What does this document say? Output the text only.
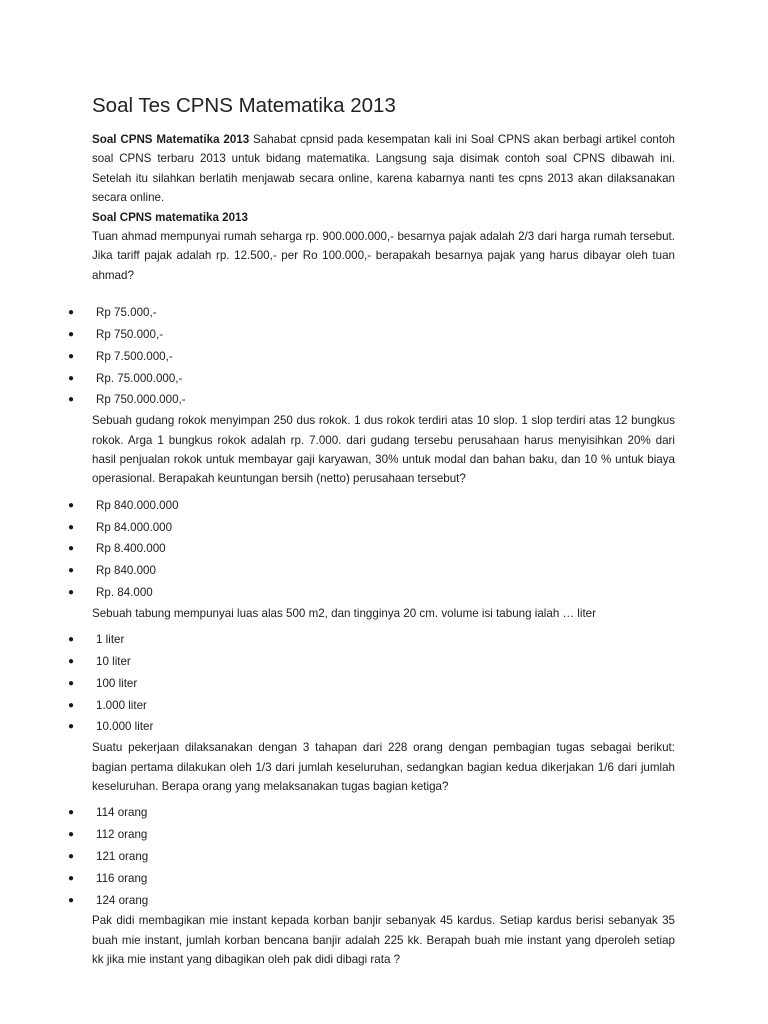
Soal Tes CPNS Matematika 2013

Soal CPNS Matematika 2013 Sahabat cpnsid pada kesempatan kali ini Soal CPNS akan berbagi artikel contoh soal CPNS terbaru 2013 untuk bidang matematika. Langsung saja disimak contoh soal CPNS dibawah ini. Setelah itu silahkan berlatih menjawab secara online, karena kabarnya nanti tes cpns 2013 akan dilaksanakan secara online.

Soal CPNS matematika 2013

Tuan ahmad mempunyai rumah seharga rp. 900.000.000,- besarnya pajak adalah 2/3 dari harga rumah tersebut. Jika tariff pajak adalah rp. 12.500,- per Ro 100.000,- berapakah besarnya pajak yang harus dibayar oleh tuan ahmad?

● Rp 75.000,-
● Rp 750.000,-
● Rp 7.500.000,-
● Rp. 75.000.000,-
● Rp 750.000.000,-

Sebuah gudang rokok menyimpan 250 dus rokok. 1 dus rokok terdiri atas 10 slop. 1 slop terdiri atas 12 bungkus rokok. Arga 1 bungkus rokok adalah rp. 7.000. dari gudang tersebu perusahaan harus menyisihkan 20% dari hasil penjualan rokok untuk membayar gaji karyawan, 30% untuk modal dan bahan baku, dan 10 % untuk biaya operasional. Berapakah keuntungan bersih (netto) perusahaan tersebut?

● Rp 840.000.000
● Rp 84.000.000
● Rp 8.400.000
● Rp 840.000
● Rp. 84.000

Sebuah tabung mempunyai luas alas 500 m2, dan tingginya 20 cm. volume isi tabung ialah … liter

● 1 liter
● 10 liter
● 100 liter
● 1.000 liter
● 10.000 liter

Suatu pekerjaan dilaksanakan dengan 3 tahapan dari 228 orang dengan pembagian tugas sebagai berikut: bagian pertama dilakukan oleh 1/3 dari jumlah keseluruhan, sedangkan bagian kedua dikerjakan 1/6 dari jumlah keseluruhan. Berapa orang yang melaksanakan tugas bagian ketiga?

● 114 orang
● 112 orang
● 121 orang
● 116 orang
● 124 orang

Pak didi membagikan mie instant kepada korban banjir sebanyak 45 kardus. Setiap kardus berisi sebanyak 35 buah mie instant, jumlah korban bencana banjir adalah 225 kk. Berapah buah mie instant yang dperoleh setiap kk jika mie instant yang dibagikan oleh pak didi dibagi rata ?
